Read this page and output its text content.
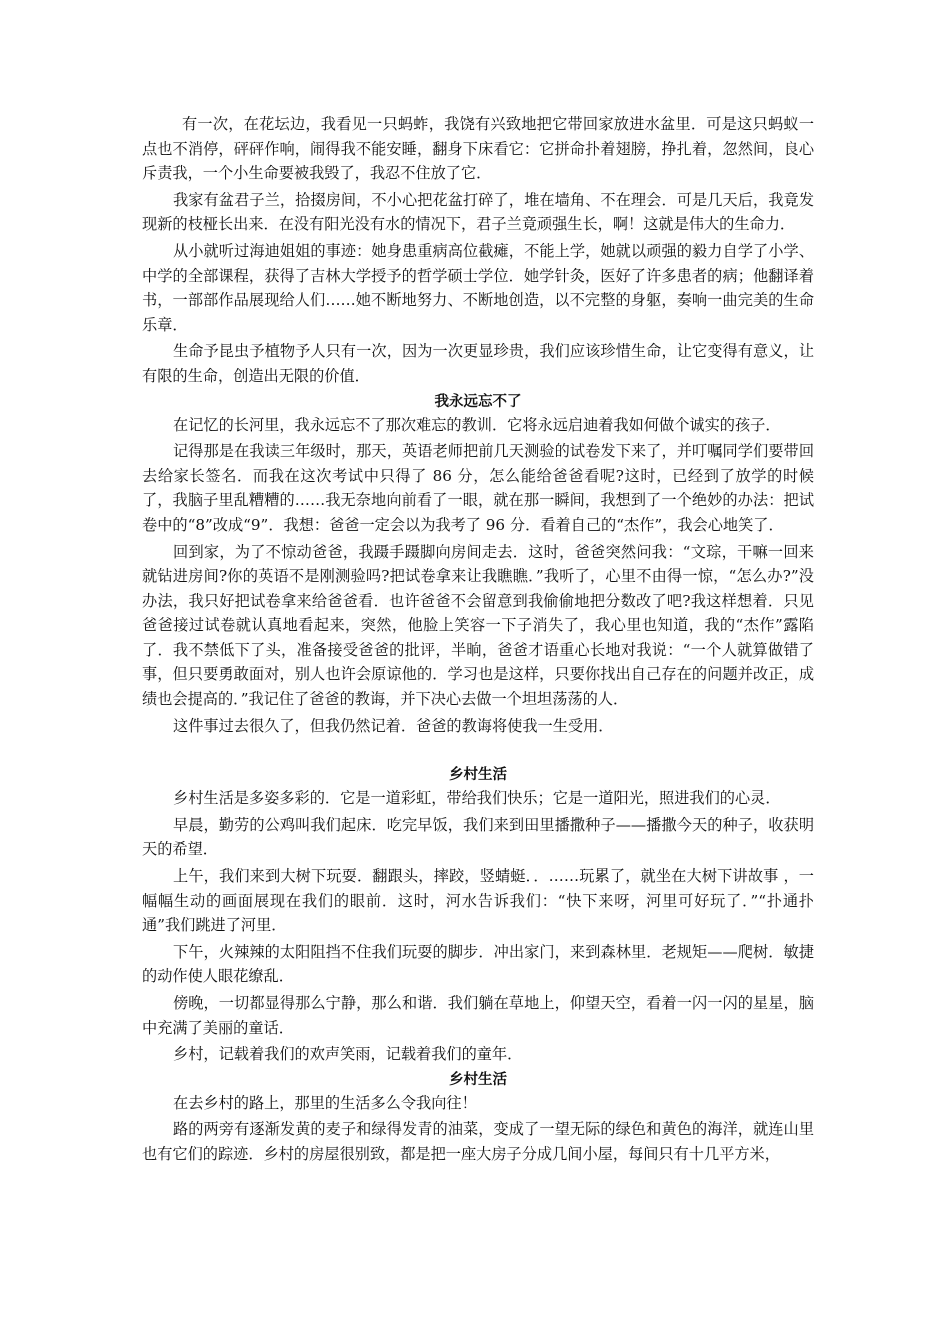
有一次，在花坛边，我看见一只蚂蚱，我饶有兴致地把它带回家放进水盆里．可是这只蚂蚁一点也不消停，砰砰作响，闹得我不能安睡，翻身下床看它：它拼命扑着翅膀，挣扎着，忽然间，良心斥责我，一个小生命要被我毁了，我忍不住放了它．

我家有盆君子兰，拾掇房间，不小心把花盆打碎了，堆在墙角、不在理会．可是几天后，我竟发现新的枝桠长出来．在没有阳光没有水的情况下，君子兰竟顽强生长，啊！这就是伟大的生命力．

从小就听过海迪姐姐的事迹：她身患重病高位截瘫，不能上学，她就以顽强的毅力自学了小学、中学的全部课程，获得了吉林大学授予的哲学硕士学位．她学针灸，医好了许多患者的病；他翻译着书，一部部作品展现给人们……她不断地努力、不断地创造，以不完整的身躯，奏响一曲完美的生命乐章．

生命予昆虫予植物予人只有一次，因为一次更显珍贵，我们应该珍惜生命，让它变得有意义，让有限的生命，创造出无限的价值．

我永远忘不了

在记忆的长河里，我永远忘不了那次难忘的教训．它将永远启迪着我如何做个诚实的孩子．

记得那是在我读三年级时，那天，英语老师把前几天测验的试卷发下来了，并叮嘱同学们要带回去给家长签名．而我在这次考试中只得了 86 分，怎么能给爸爸看呢?这时，已经到了放学的时候了，我脑子里乱糟糟的……我无奈地向前看了一眼，就在那一瞬间，我想到了一个绝妙的办法：把试卷中的“8”改成“9”．我想：爸爸一定会以为我考了 96 分．看着自己的“杰作”，我会心地笑了．

回到家，为了不惊动爸爸，我蹑手蹑脚向房间走去．这时，爸爸突然问我：“文琮，干嘛一回来就钻进房间?你的英语不是刚测验吗?把试卷拿来让我瞧瞧．”我听了，心里不由得一惊，“怎么办?”没办法，我只好把试卷拿来给爸爸看．也许爸爸不会留意到我偷偷地把分数改了吧?我这样想着．只见爸爸接过试卷就认真地看起来，突然，他脸上笑容一下子消失了，我心里也知道，我的“杰作”露陷了．我不禁低下了头，准备接受爸爸的批评，半晌，爸爸才语重心长地对我说：“一个人就算做错了事，但只要勇敢面对，别人也许会原谅他的．学习也是这样，只要你找出自己存在的问题并改正，成绩也会提高的．”我记住了爸爸的教诲，并下决心去做一个坦坦荡荡的人．

这件事过去很久了，但我仍然记着．爸爸的教诲将使我一生受用．

乡村生活

乡村生活是多姿多彩的．它是一道彩虹，带给我们快乐；它是一道阳光，照进我们的心灵．

早晨，勤劳的公鸡叫我们起床．吃完早饭，我们来到田里播撒种子——播撒今天的种子，收获明天的希望．

上午，我们来到大树下玩耍．翻跟头，摔跤，竖蜻蜓．．……玩累了，就坐在大树下讲故事 ，一幅幅生动的画面展现在我们的眼前．这时，河水告诉我们：“快下来呀，河里可好玩了．”“扑通扑通”我们跳进了河里．

下午，火辣辣的太阳阻挡不住我们玩耍的脚步．冲出家门，来到森林里．老规矩——爬树．敏捷的动作使人眼花缭乱．

傍晚，一切都显得那么宁静，那么和谐．我们躺在草地上，仰望天空，看着一闪一闪的星星，脑中充满了美丽的童话．

乡村，记载着我们的欢声笑雨，记载着我们的童年．

乡村生活

在去乡村的路上，那里的生活多么令我向往！

路的两旁有逐渐发黄的麦子和绿得发青的油菜，变成了一望无际的绿色和黄色的海洋，就连山里也有它们的踪迹．乡村的房屋很别致，都是把一座大房子分成几间小屋，每间只有十几平方米，
